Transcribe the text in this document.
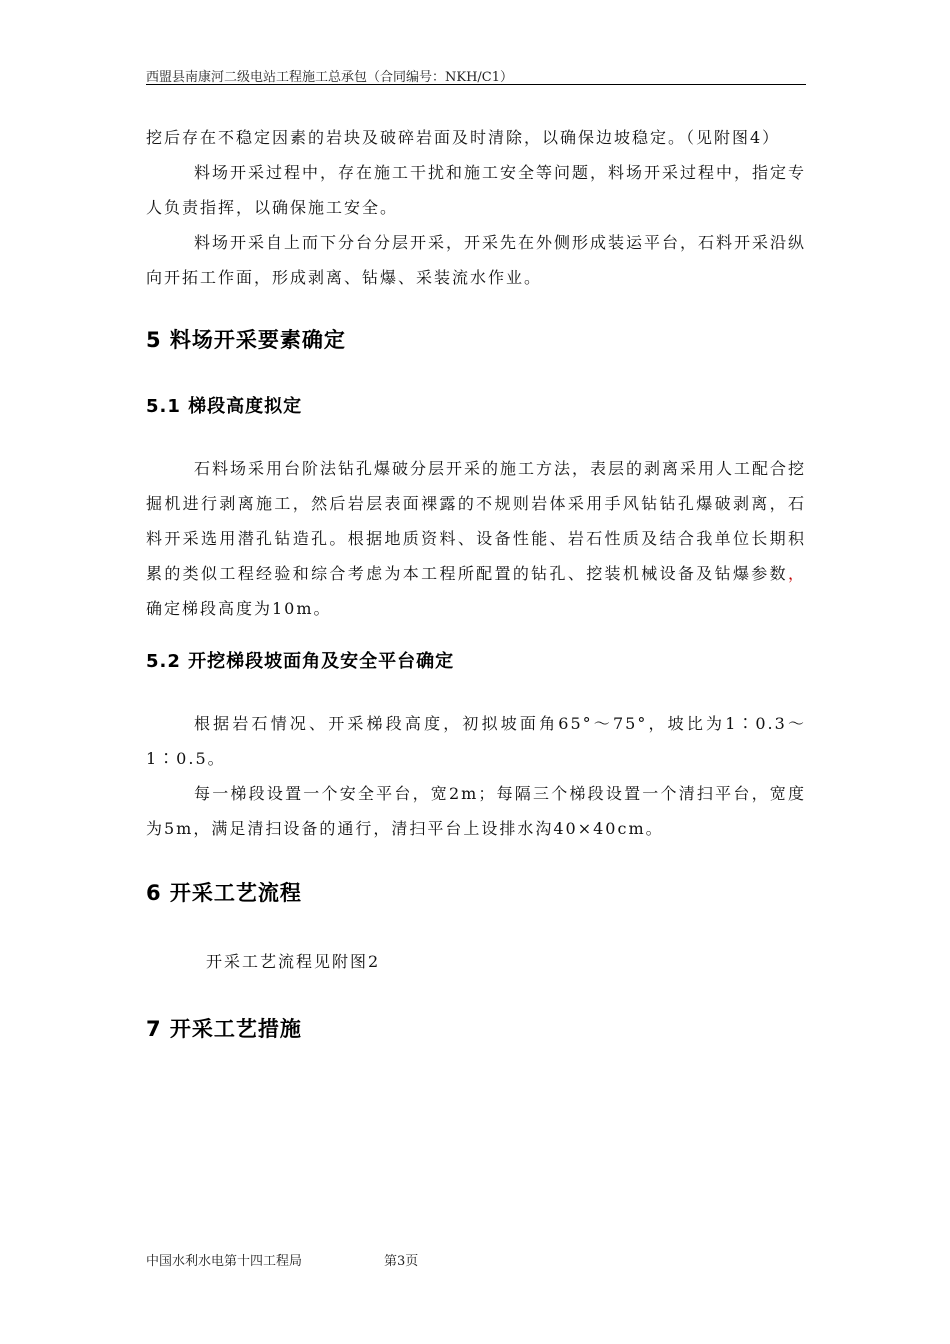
西盟县南康河二级电站工程施工总承包（合同编号：NKH/C1）

挖后存在不稳定因素的岩块及破碎岩面及时清除，以确保边坡稳定。（见附图4）

料场开采过程中，存在施工干扰和施工安全等问题，料场开采过程中，指定专人负责指挥，以确保施工安全。

料场开采自上而下分台分层开采，开采先在外侧形成装运平台，石料开采沿纵向开拓工作面，形成剥离、钻爆、采装流水作业。

5 料场开采要素确定
5.1 梯段高度拟定

石料场采用台阶法钻孔爆破分层开采的施工方法，表层的剥离采用人工配合挖掘机进行剥离施工，然后岩层表面裸露的不规则岩体采用手风钻钻孔爆破剥离，石料开采选用潜孔钻造孔。根据地质资料、设备性能、岩石性质及结合我单位长期积累的类似工程经验和综合考虑为本工程所配置的钻孔、挖装机械设备及钻爆参数，确定梯段高度为10m。

5.2 开挖梯段坡面角及安全平台确定

根据岩石情况、开采梯段高度，初拟坡面角65°～75°，坡比为1∶0.3～1∶0.5。

每一梯段设置一个安全平台，宽2m；每隔三个梯段设置一个清扫平台，宽度为5m，满足清扫设备的通行，清扫平台上设排水沟40×40cm。

6 开采工艺流程

开采工艺流程见附图2

7 开采工艺措施
中国水利水电第十四工程局	第3页
